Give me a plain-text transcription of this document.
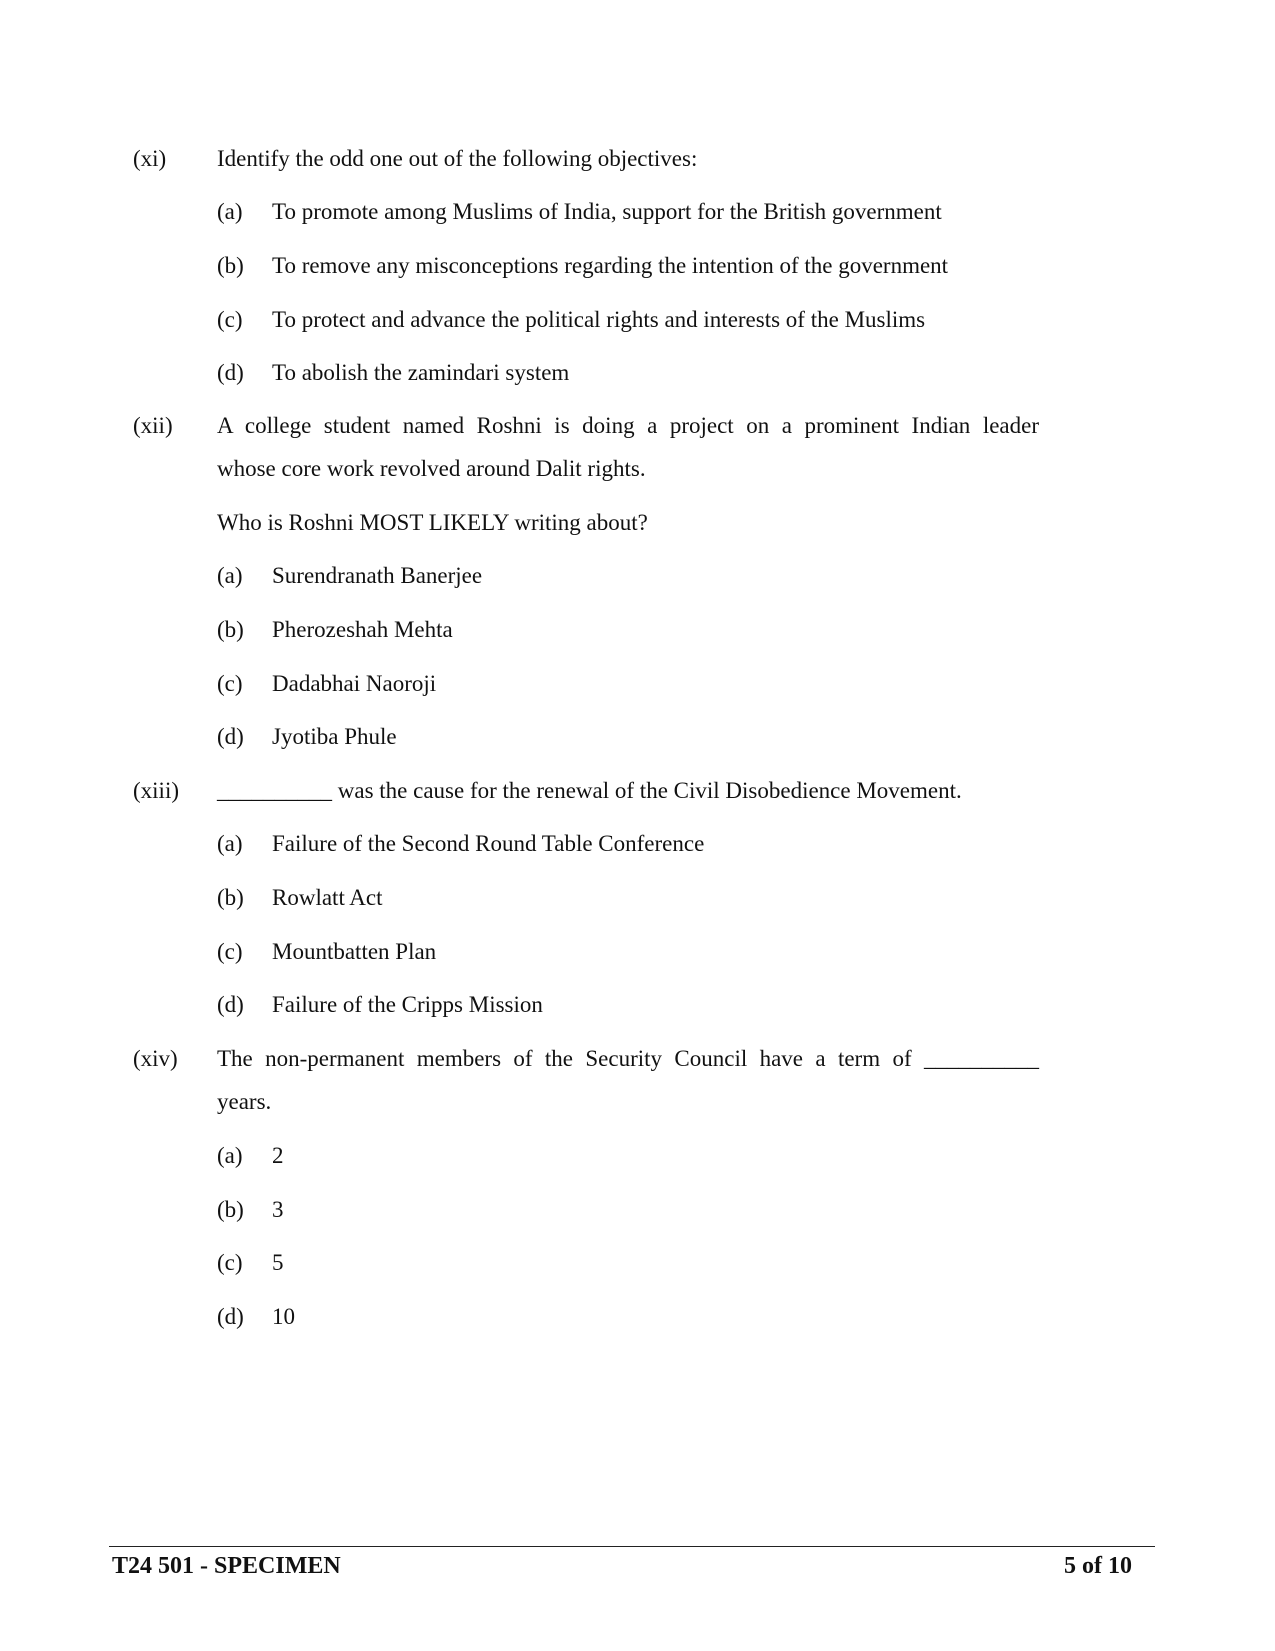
(xi) Identify the odd one out of the following objectives:
(a) To promote among Muslims of India, support for the British government
(b) To remove any misconceptions regarding the intention of the government
(c) To protect and advance the political rights and interests of the Muslims
(d) To abolish the zamindari system
(xii) A college student named Roshni is doing a project on a prominent Indian leader
whose core work revolved around Dalit rights.
Who is Roshni MOST LIKELY writing about?
(a) Surendranath Banerjee
(b) Pherozeshah Mehta
(c) Dadabhai Naoroji
(d) Jyotiba Phule
(xiii) __________ was the cause for the renewal of the Civil Disobedience Movement.
(a) Failure of the Second Round Table Conference
(b) Rowlatt Act
(c) Mountbatten Plan
(d) Failure of the Cripps Mission
(xiv) The non-permanent members of the Security Council have a term of __________
years.
(a) 2
(b) 3
(c) 5
(d) 10
T24 501 - SPECIMEN	5 of 10
